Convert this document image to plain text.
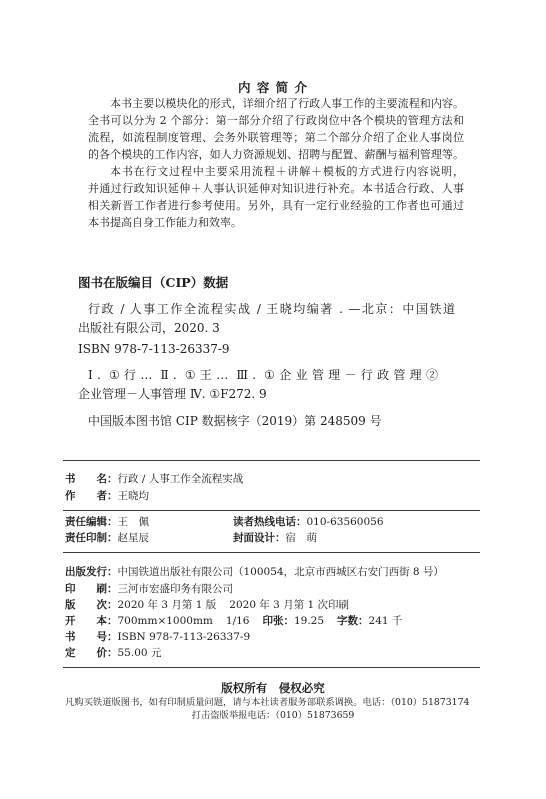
内 容 简 介
本书主要以模块化的形式，详细介绍了行政人事工作的主要流程和内容。
全书可以分为 2 个部分：第一部分介绍了行政岗位中各个模块的管理方法和
流程，如流程制度管理、会务外联管理等；第二个部分介绍了企业人事岗位
的各个模块的工作内容，如人力资源规划、招聘与配置、薪酬与福利管理等。
本书在行文过程中主要采用流程＋讲解＋模板的方式进行内容说明，
并通过行政知识延伸＋人事认识延伸对知识进行补充。本书适合行政、人事
相关新晋工作者进行参考使用。另外，具有一定行业经验的工作者也可通过
本书提高自身工作能力和效率。
图书在版编目（CIP）数据
行政 / 人事工作全流程实战 / 王晓均编著 . —北京：中国铁道
出版社有限公司，2020. 3
ISBN 978-7-113-26337-9
Ⅰ. ①行… Ⅱ. ①王… Ⅲ. ①企业管理－行政管理②
企业管理－人事管理 Ⅳ. ①F272. 9
中国版本图书馆 CIP 数据核字（2019）第 248509 号
书　　名：行政 / 人事工作全流程实战
作　　者：王晓均
责任编辑：王　佩	读者热线电话：010-63560056
责任印制：赵星辰	封面设计：宿　萌
出版发行：中国铁道出版社有限公司（100054，北京市西城区右安门西街 8 号）
印　　刷：三河市宏盛印务有限公司
版　　次：2020 年 3 月第 1 版 2020 年 3 月第 1 次印刷
开　　本：700mm×1000mm 1/16 印张：19.25 字数：241 千
书　　号：ISBN 978-7-113-26337-9
定　　价：55.00 元
版权所有　侵权必究
凡购买铁道版图书，如有印制质量问题，请与本社读者服务部联系调换。电话：（010）51873174
打击盗版举报电话：（010）51873659
